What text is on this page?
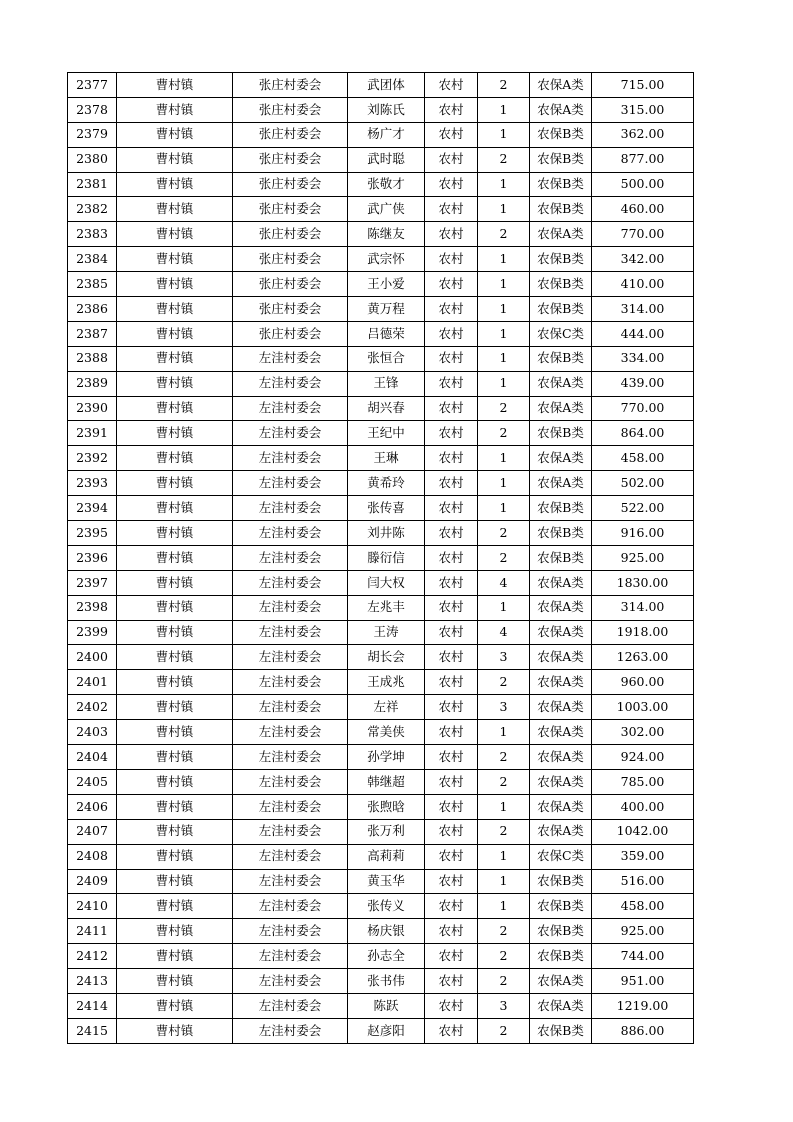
2377	曹村镇	张庄村委会	武团体	农村	2	农保A类	715.00
2378	曹村镇	张庄村委会	刘陈氏	农村	1	农保A类	315.00
2379	曹村镇	张庄村委会	杨广才	农村	1	农保B类	362.00
2380	曹村镇	张庄村委会	武时聪	农村	2	农保B类	877.00
2381	曹村镇	张庄村委会	张敬才	农村	1	农保B类	500.00
2382	曹村镇	张庄村委会	武广侠	农村	1	农保B类	460.00
2383	曹村镇	张庄村委会	陈继友	农村	2	农保A类	770.00
2384	曹村镇	张庄村委会	武宗怀	农村	1	农保B类	342.00
2385	曹村镇	张庄村委会	王小爱	农村	1	农保B类	410.00
2386	曹村镇	张庄村委会	黄万程	农村	1	农保B类	314.00
2387	曹村镇	张庄村委会	吕德荣	农村	1	农保C类	444.00
2388	曹村镇	左洼村委会	张恒合	农村	1	农保B类	334.00
2389	曹村镇	左洼村委会	王锋	农村	1	农保A类	439.00
2390	曹村镇	左洼村委会	胡兴春	农村	2	农保A类	770.00
2391	曹村镇	左洼村委会	王纪中	农村	2	农保B类	864.00
2392	曹村镇	左洼村委会	王琳	农村	1	农保A类	458.00
2393	曹村镇	左洼村委会	黄希玲	农村	1	农保A类	502.00
2394	曹村镇	左洼村委会	张传喜	农村	1	农保B类	522.00
2395	曹村镇	左洼村委会	刘井陈	农村	2	农保B类	916.00
2396	曹村镇	左洼村委会	滕衍信	农村	2	农保B类	925.00
2397	曹村镇	左洼村委会	闫大权	农村	4	农保A类	1830.00
2398	曹村镇	左洼村委会	左兆丰	农村	1	农保A类	314.00
2399	曹村镇	左洼村委会	王涛	农村	4	农保A类	1918.00
2400	曹村镇	左洼村委会	胡长会	农村	3	农保A类	1263.00
2401	曹村镇	左洼村委会	王成兆	农村	2	农保A类	960.00
2402	曹村镇	左洼村委会	左祥	农村	3	农保A类	1003.00
2403	曹村镇	左洼村委会	常美侠	农村	1	农保A类	302.00
2404	曹村镇	左洼村委会	孙学坤	农村	2	农保A类	924.00
2405	曹村镇	左洼村委会	韩继超	农村	2	农保A类	785.00
2406	曹村镇	左洼村委会	张煦晗	农村	1	农保A类	400.00
2407	曹村镇	左洼村委会	张万利	农村	2	农保A类	1042.00
2408	曹村镇	左洼村委会	高莉莉	农村	1	农保C类	359.00
2409	曹村镇	左洼村委会	黄玉华	农村	1	农保B类	516.00
2410	曹村镇	左洼村委会	张传义	农村	1	农保B类	458.00
2411	曹村镇	左洼村委会	杨庆银	农村	2	农保B类	925.00
2412	曹村镇	左洼村委会	孙志全	农村	2	农保B类	744.00
2413	曹村镇	左洼村委会	张书伟	农村	2	农保A类	951.00
2414	曹村镇	左洼村委会	陈跃	农村	3	农保A类	1219.00
2415	曹村镇	左洼村委会	赵彦阳	农村	2	农保B类	886.00
